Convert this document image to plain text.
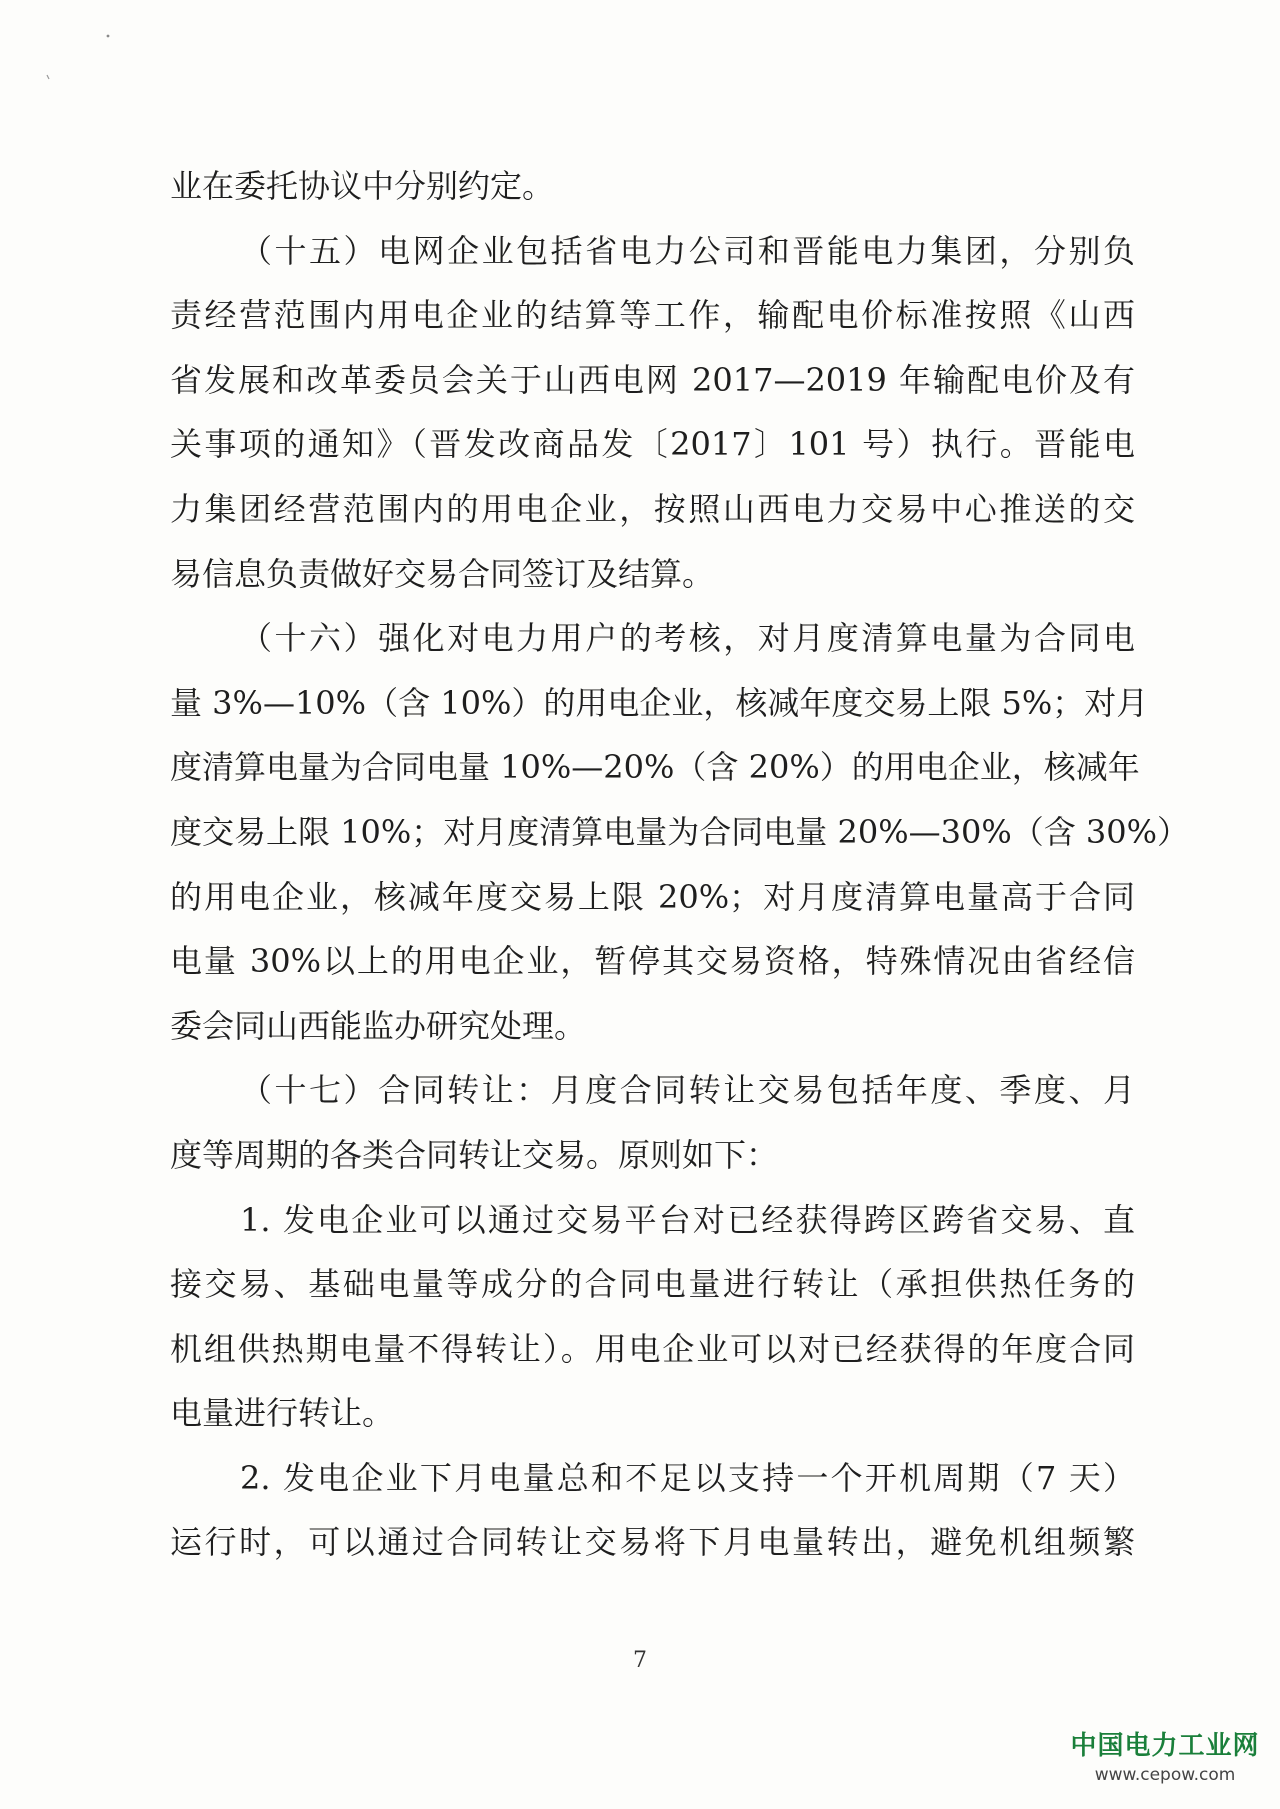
业在委托协议中分别约定。
（十五）电网企业包括省电力公司和晋能电力集团，分别负
责经营范围内用电企业的结算等工作，输配电价标准按照《山西
省发展和改革委员会关于山西电网 2017—2019 年输配电价及有
关事项的通知》（晋发改商品发〔2017〕101 号）执行。晋能电
力集团经营范围内的用电企业，按照山西电力交易中心推送的交
易信息负责做好交易合同签订及结算。
（十六）强化对电力用户的考核，对月度清算电量为合同电
量 3%—10%（含 10%）的用电企业，核减年度交易上限 5%；对月
度清算电量为合同电量 10%—20%（含 20%）的用电企业，核减年
度交易上限 10%；对月度清算电量为合同电量 20%—30%（含 30%）
的用电企业，核减年度交易上限 20%；对月度清算电量高于合同
电量 30%以上的用电企业，暂停其交易资格，特殊情况由省经信
委会同山西能监办研究处理。
（十七）合同转让：月度合同转让交易包括年度、季度、月
度等周期的各类合同转让交易。原则如下：
1. 发电企业可以通过交易平台对已经获得跨区跨省交易、直
接交易、基础电量等成分的合同电量进行转让（承担供热任务的
机组供热期电量不得转让）。用电企业可以对已经获得的年度合同
电量进行转让。
2. 发电企业下月电量总和不足以支持一个开机周期（7 天）
运行时，可以通过合同转让交易将下月电量转出，避免机组频繁
7
中国电力工业网
www.cepow.com
